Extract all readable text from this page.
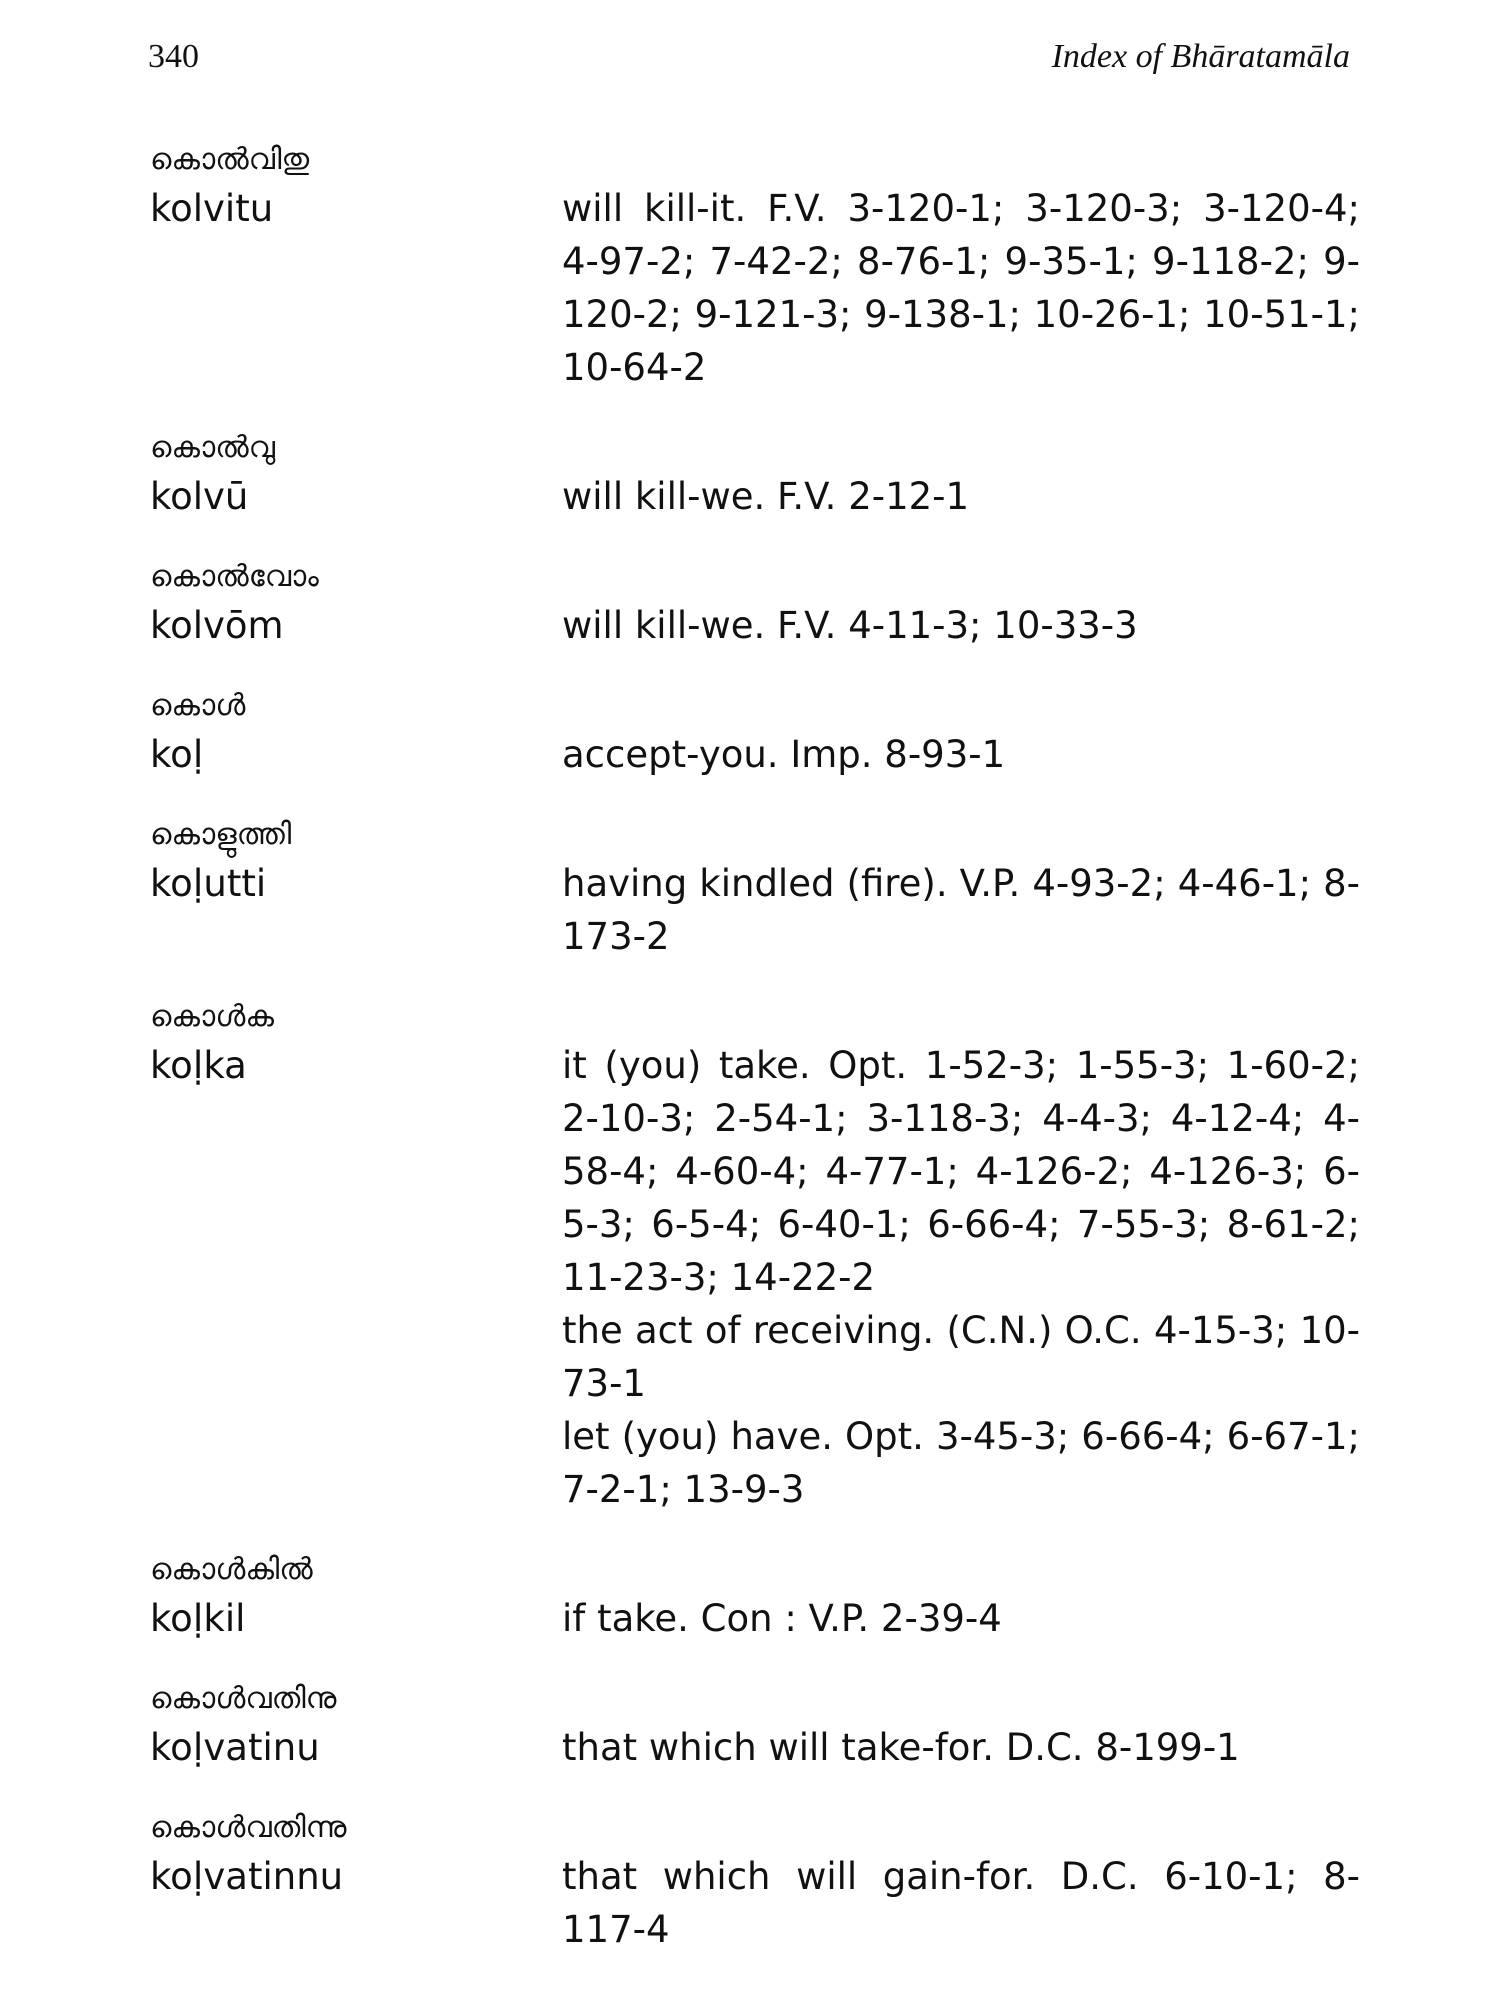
340	Index of Bhāratamāla
കൊൽവിതു
kolvitu	will kill-it. F.V. 3-120-1; 3-120-3; 3-120-4; 4-97-2; 7-42-2; 8-76-1; 9-35-1; 9-118-2; 9-120-2; 9-121-3; 9-138-1; 10-26-1; 10-51-1; 10-64-2
കൊൽവു
kolvū	will kill-we. F.V. 2-12-1
കൊൽവോം
kolvōm	will kill-we. F.V. 4-11-3; 10-33-3
കൊൾ
koḷ	accept-you. Imp. 8-93-1
കൊളുത്തി
koḷutti	having kindled (fire). V.P. 4-93-2; 4-46-1; 8-173-2
കൊൾക
koḷka	it (you) take. Opt. 1-52-3; 1-55-3; 1-60-2; 2-10-3; 2-54-1; 3-118-3; 4-4-3; 4-12-4; 4-58-4; 4-60-4; 4-77-1; 4-126-2; 4-126-3; 6-5-3; 6-5-4; 6-40-1; 6-66-4; 7-55-3; 8-61-2; 11-23-3; 14-22-2
the act of receiving. (C.N.) O.C. 4-15-3; 10-73-1
let (you) have. Opt. 3-45-3; 6-66-4; 6-67-1; 7-2-1; 13-9-3
കൊൾകിൽ
koḷkil	if take. Con : V.P. 2-39-4
കൊൾവതിനു
koḷvatinu	that which will take-for. D.C. 8-199-1
കൊൾവതിന്നു
koḷvatinnu	that which will gain-for. D.C. 6-10-1; 8-117-4
